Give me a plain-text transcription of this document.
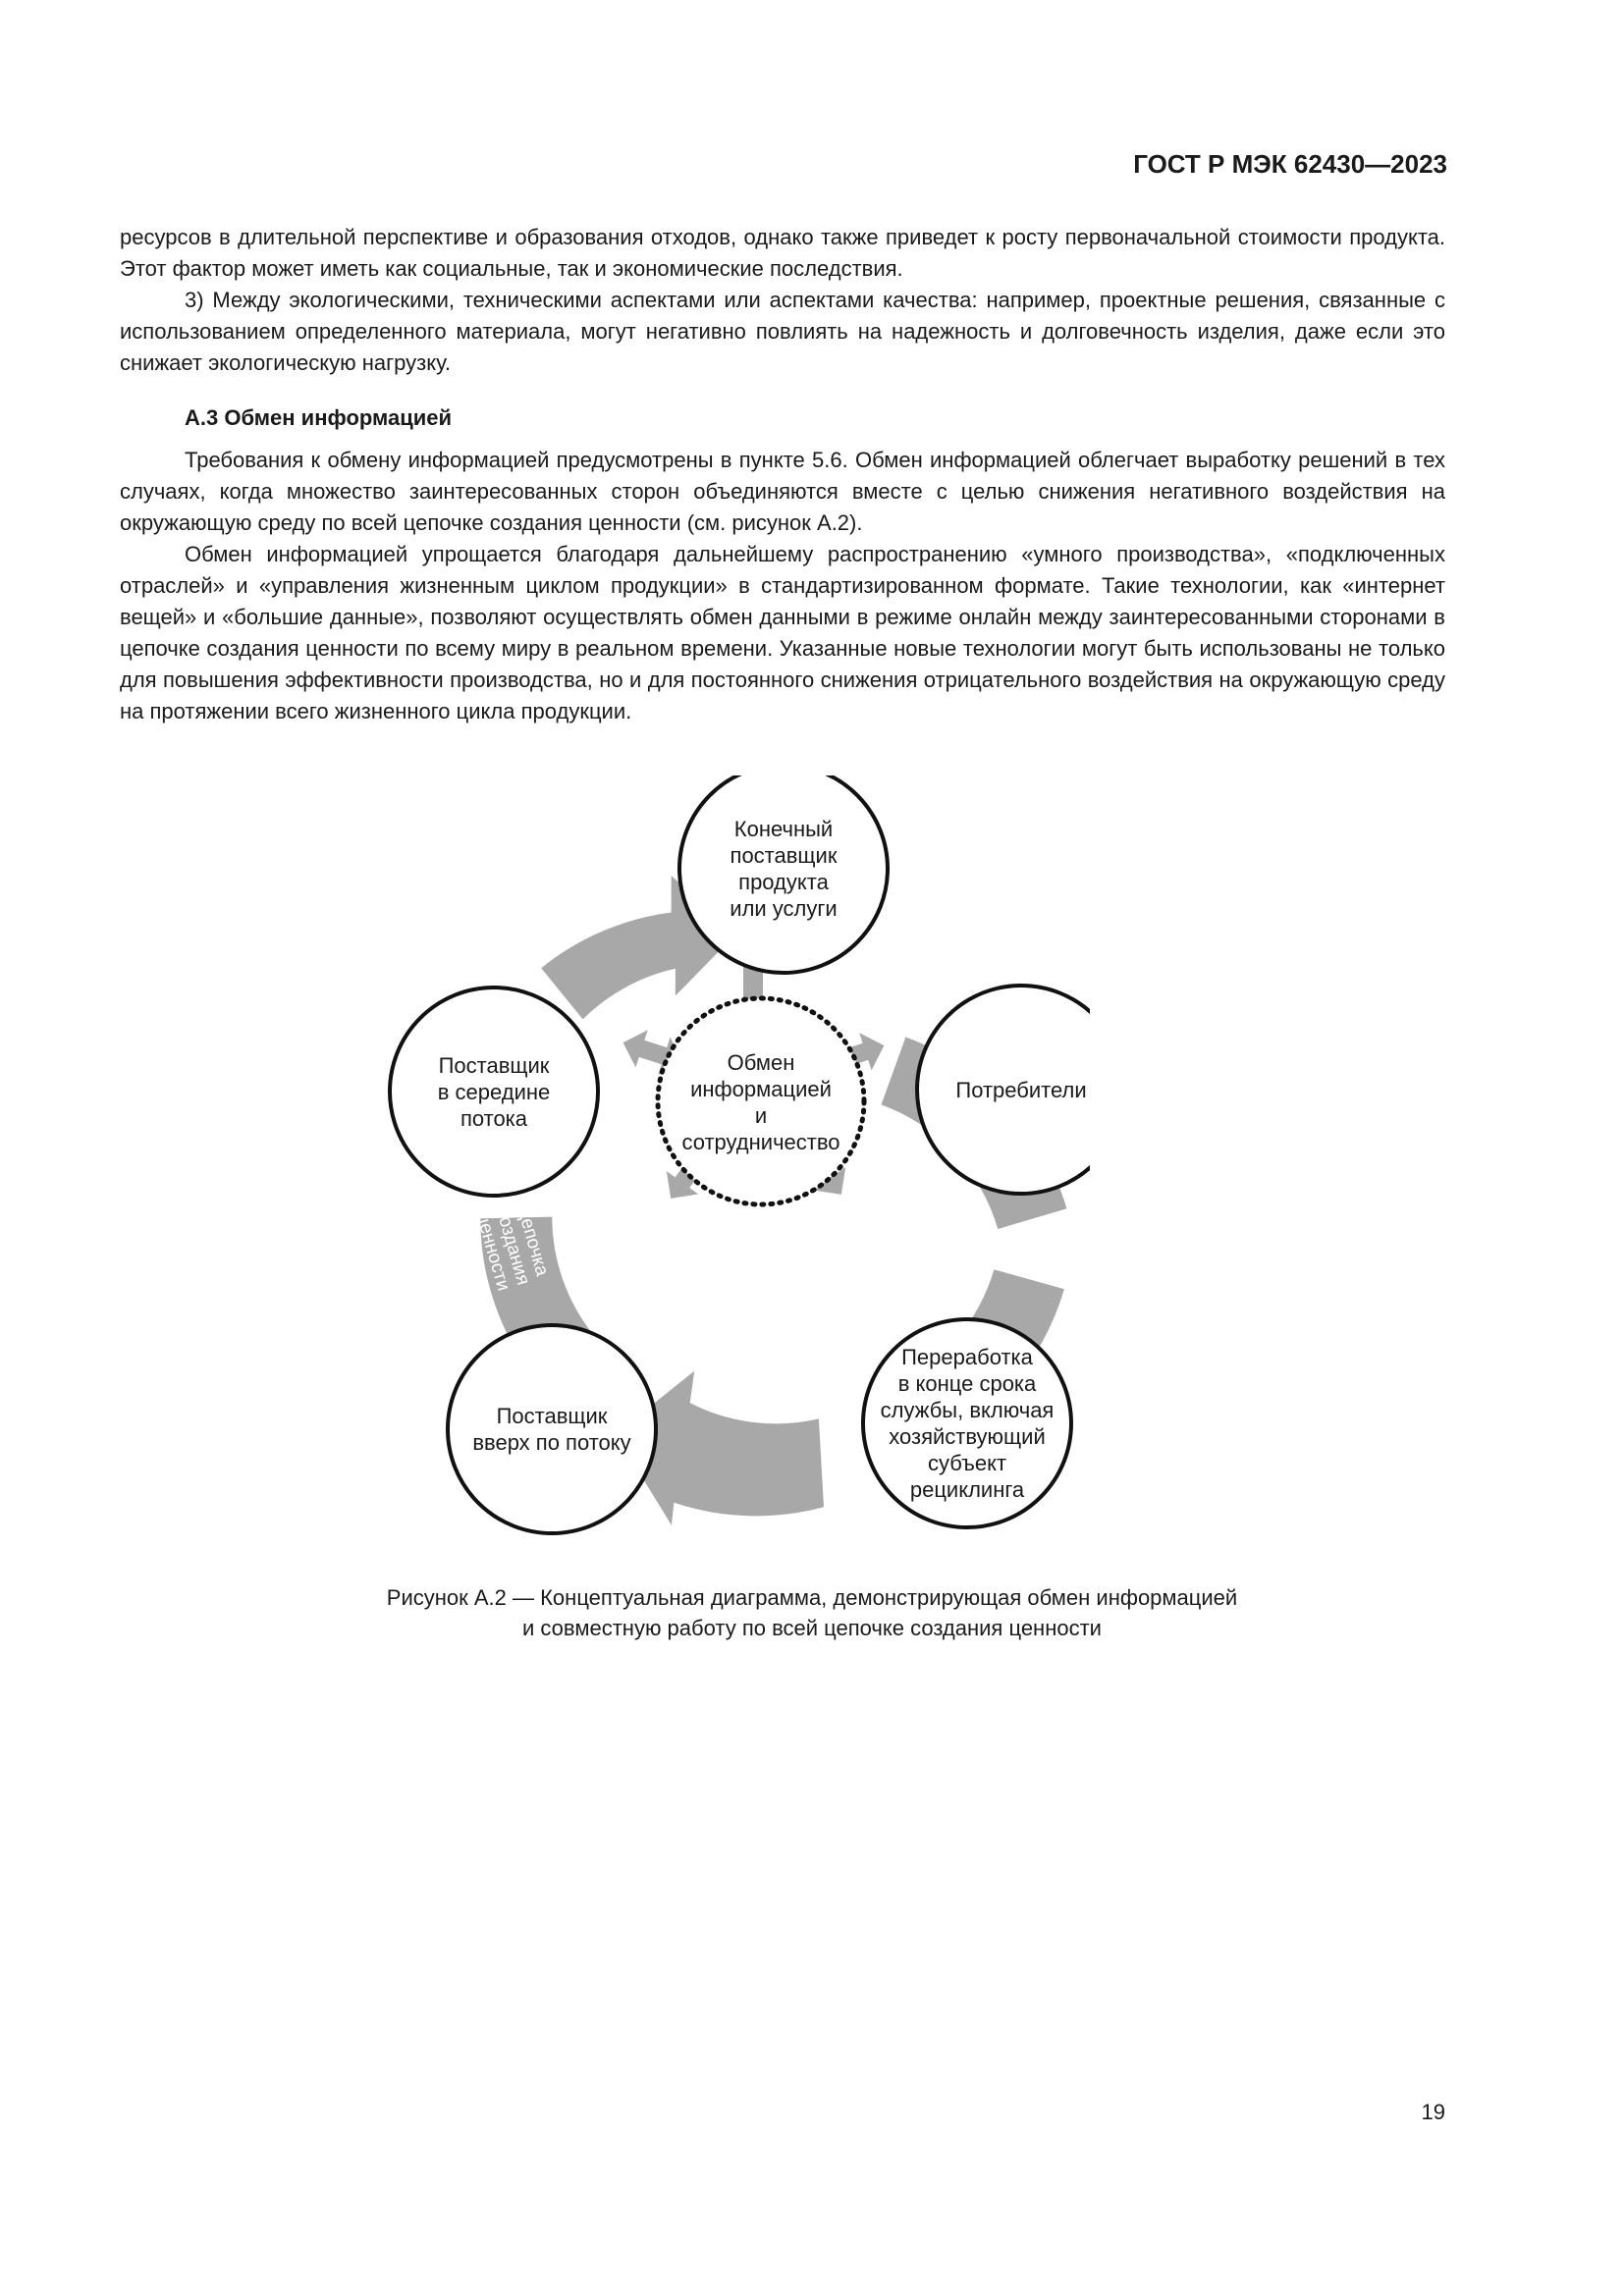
ГОСТ Р МЭК 62430—2023

ресурсов в длительной перспективе и образования отходов, однако также приведет к росту первоначальной стоимости продукта. Этот фактор может иметь как социальные, так и экономические последствия.

3) Между экологическими, техническими аспектами или аспектами качества: например, проектные решения, связанные с использованием определенного материала, могут негативно повлиять на надежность и долговечность изделия, даже если это снижает экологическую нагрузку.

А.3 Обмен информацией

Требования к обмену информацией предусмотрены в пункте 5.6. Обмен информацией облегчает выработку решений в тех случаях, когда множество заинтересованных сторон объединяются вместе с целью снижения негативного воздействия на окружающую среду по всей цепочке создания ценности (см. рисунок А.2).

Обмен информацией упрощается благодаря дальнейшему распространению «умного производства», «подключенных отраслей» и «управления жизненным циклом продукции» в стандартизированном формате. Такие технологии, как «интернет вещей» и «большие данные», позволяют осуществлять обмен данными в режиме онлайн между заинтересованными сторонами в цепочке создания ценности по всему миру в реальном времени. Указанные новые технологии могут быть использованы не только для повышения эффективности производства, но и для постоянного снижения отрицательного воздействия на окружающую среду на протяжении всего жизненного цикла продукции.

Конечный
поставщик
продукта
или услуги
Потребители
Переработка
в конце срока
службы, включая
хозяйствующий
субъект
рециклинга
Поставщик
вверх по потоку
Поставщик
в середине
потока
Обмен
информацией
и
сотрудничество
Цепочка
создания
ценности
Цепочка
создания
ценности
Рисунок А.2 — Концептуальная диаграмма, демонстрирующая обмен информацией
и совместную работу по всей цепочке создания ценности
19
